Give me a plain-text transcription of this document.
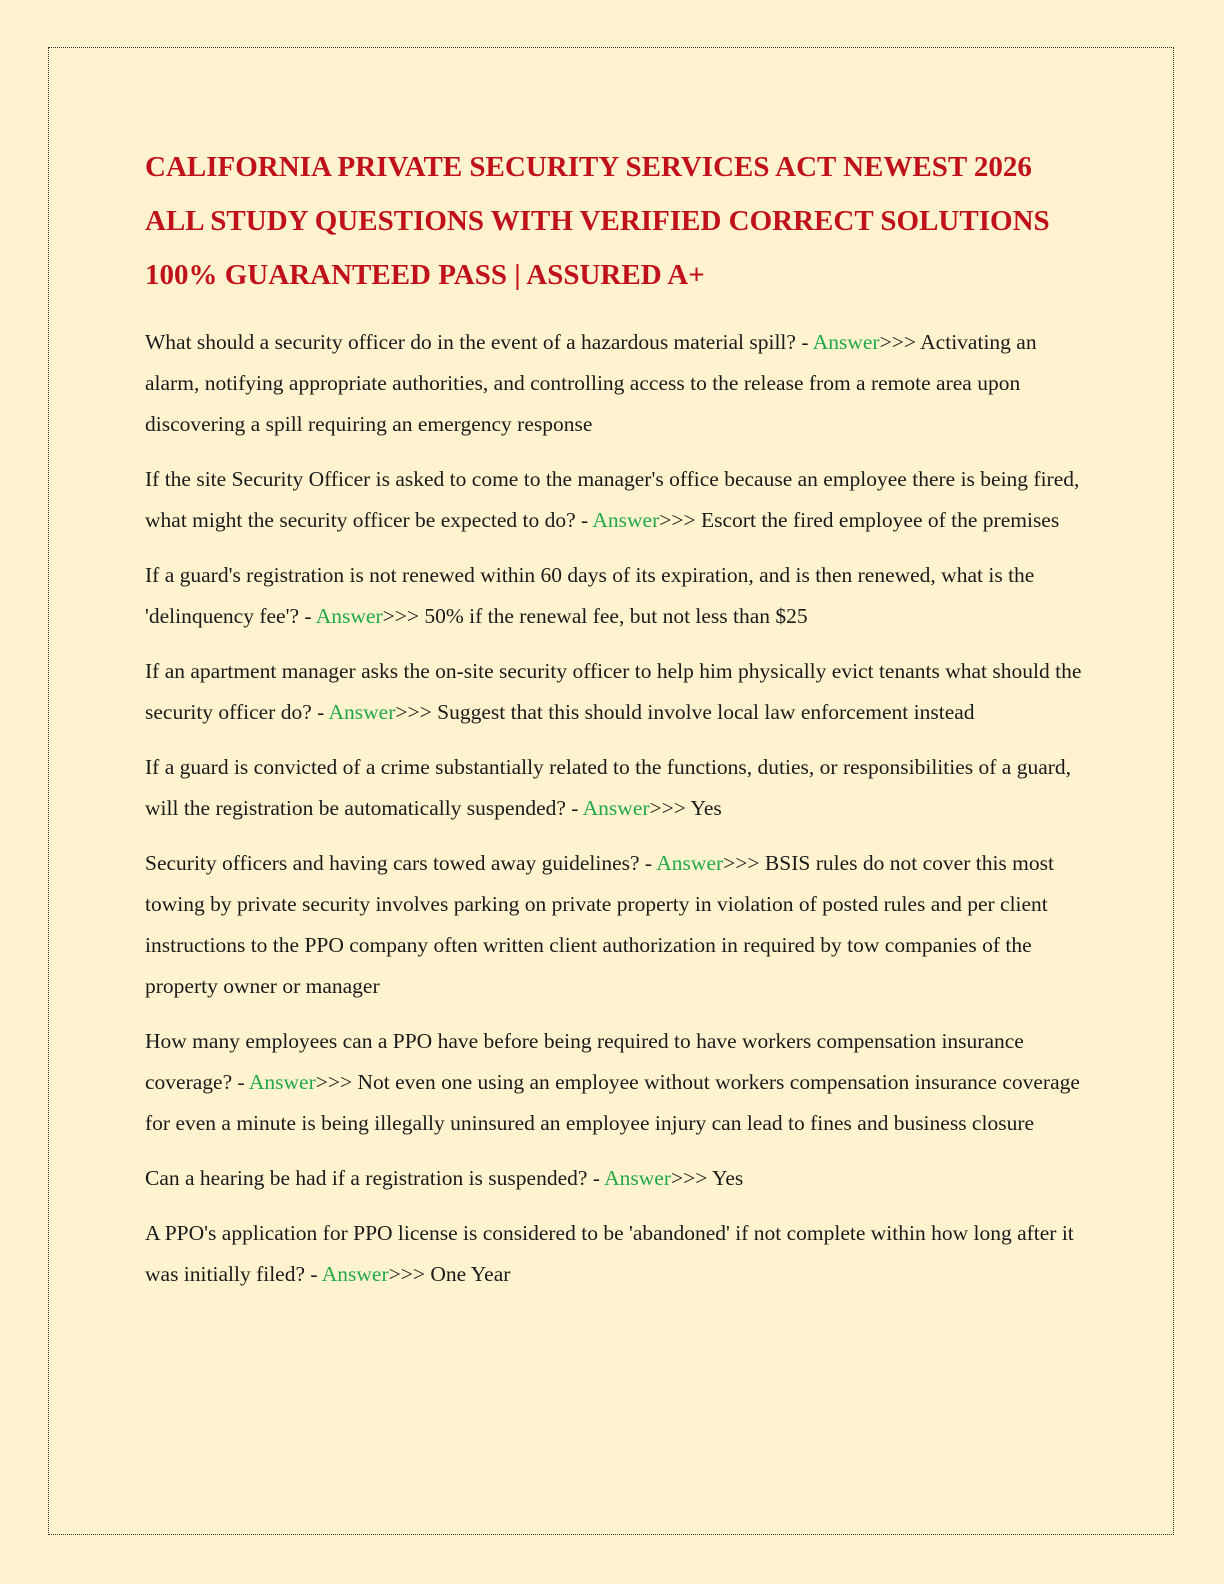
CALIFORNIA PRIVATE SECURITY SERVICES ACT NEWEST 2026 ALL STUDY QUESTIONS WITH VERIFIED CORRECT SOLUTIONS 100% GUARANTEED PASS | ASSURED A+

What should a security officer do in the event of a hazardous material spill? - Answer>>> Activating an alarm, notifying appropriate authorities, and controlling access to the release from a remote area upon discovering a spill requiring an emergency response

If the site Security Officer is asked to come to the manager's office because an employee there is being fired, what might the security officer be expected to do? - Answer>>> Escort the fired employee of the premises

If a guard's registration is not renewed within 60 days of its expiration, and is then renewed, what is the 'delinquency fee'? - Answer>>> 50% if the renewal fee, but not less than $25

If an apartment manager asks the on-site security officer to help him physically evict tenants what should the security officer do? - Answer>>> Suggest that this should involve local law enforcement instead

If a guard is convicted of a crime substantially related to the functions, duties, or responsibilities of a guard, will the registration be automatically suspended? - Answer>>> Yes

Security officers and having cars towed away guidelines? - Answer>>> BSIS rules do not cover this most towing by private security involves parking on private property in violation of posted rules and per client instructions to the PPO company often written client authorization in required by tow companies of the property owner or manager

How many employees can a PPO have before being required to have workers compensation insurance coverage? - Answer>>> Not even one using an employee without workers compensation insurance coverage for even a minute is being illegally uninsured an employee injury can lead to fines and business closure

Can a hearing be had if a registration is suspended? - Answer>>> Yes

A PPO's application for PPO license is considered to be 'abandoned' if not complete within how long after it was initially filed? - Answer>>> One Year
